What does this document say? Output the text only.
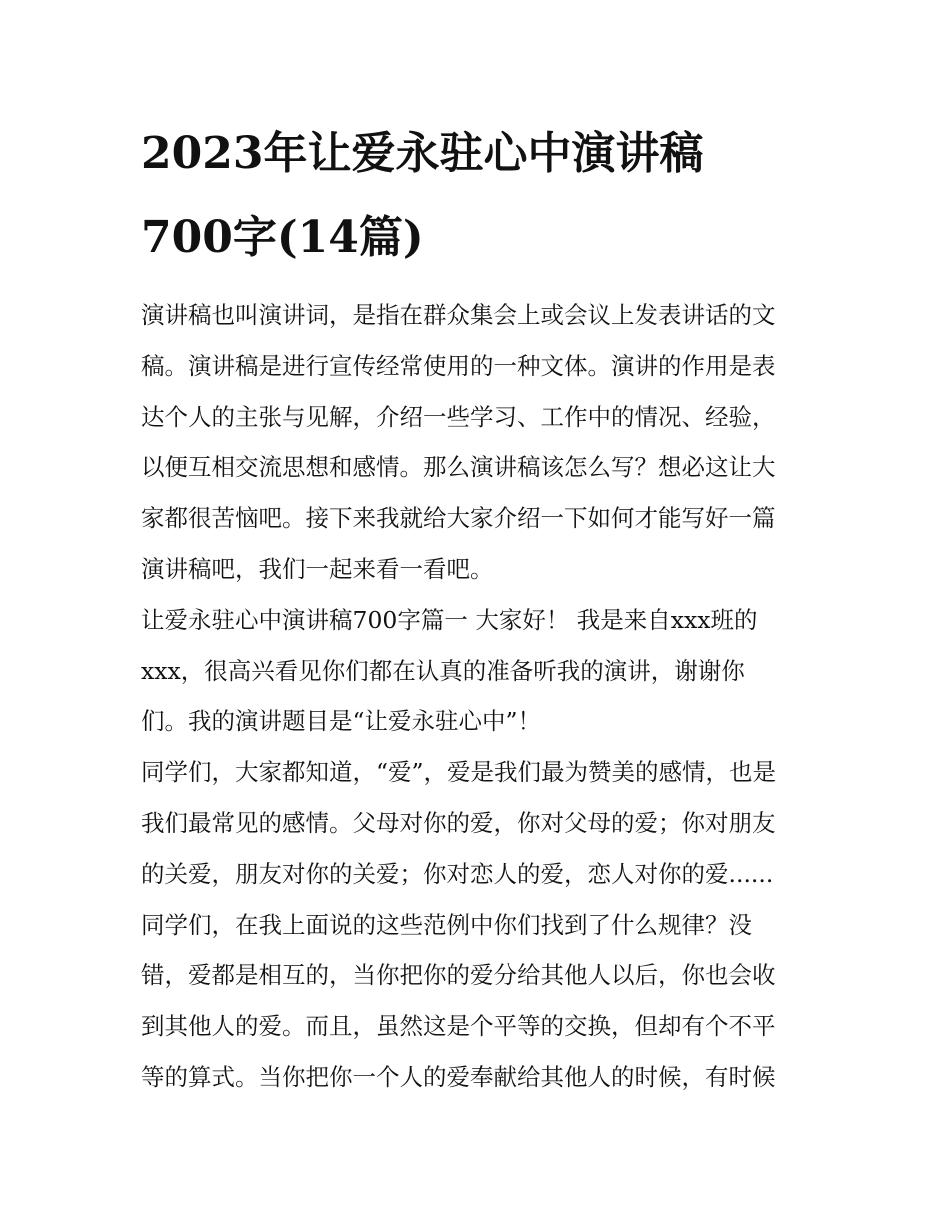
2023年让爱永驻心中演讲稿
700字(14篇)
演讲稿也叫演讲词，是指在群众集会上或会议上发表讲话的文
稿。演讲稿是进行宣传经常使用的一种文体。演讲的作用是表
达个人的主张与见解，介绍一些学习、工作中的情况、经验，
以便互相交流思想和感情。那么演讲稿该怎么写？想必这让大
家都很苦恼吧。接下来我就给大家介绍一下如何才能写好一篇
演讲稿吧，我们一起来看一看吧。
让爱永驻心中演讲稿700字篇一 大家好！ 我是来自xxx班的
xxx，很高兴看见你们都在认真的准备听我的演讲，谢谢你
们。我的演讲题目是“让爱永驻心中”！
同学们，大家都知道，“爱”，爱是我们最为赞美的感情，也是
我们最常见的感情。父母对你的爱，你对父母的爱；你对朋友
的关爱，朋友对你的关爱；你对恋人的爱，恋人对你的爱......
同学们，在我上面说的这些范例中你们找到了什么规律？没
错，爱都是相互的，当你把你的爱分给其他人以后，你也会收
到其他人的爱。而且，虽然这是个平等的交换，但却有个不平
等的算式。当你把你一个人的爱奉献给其他人的时候，有时候
